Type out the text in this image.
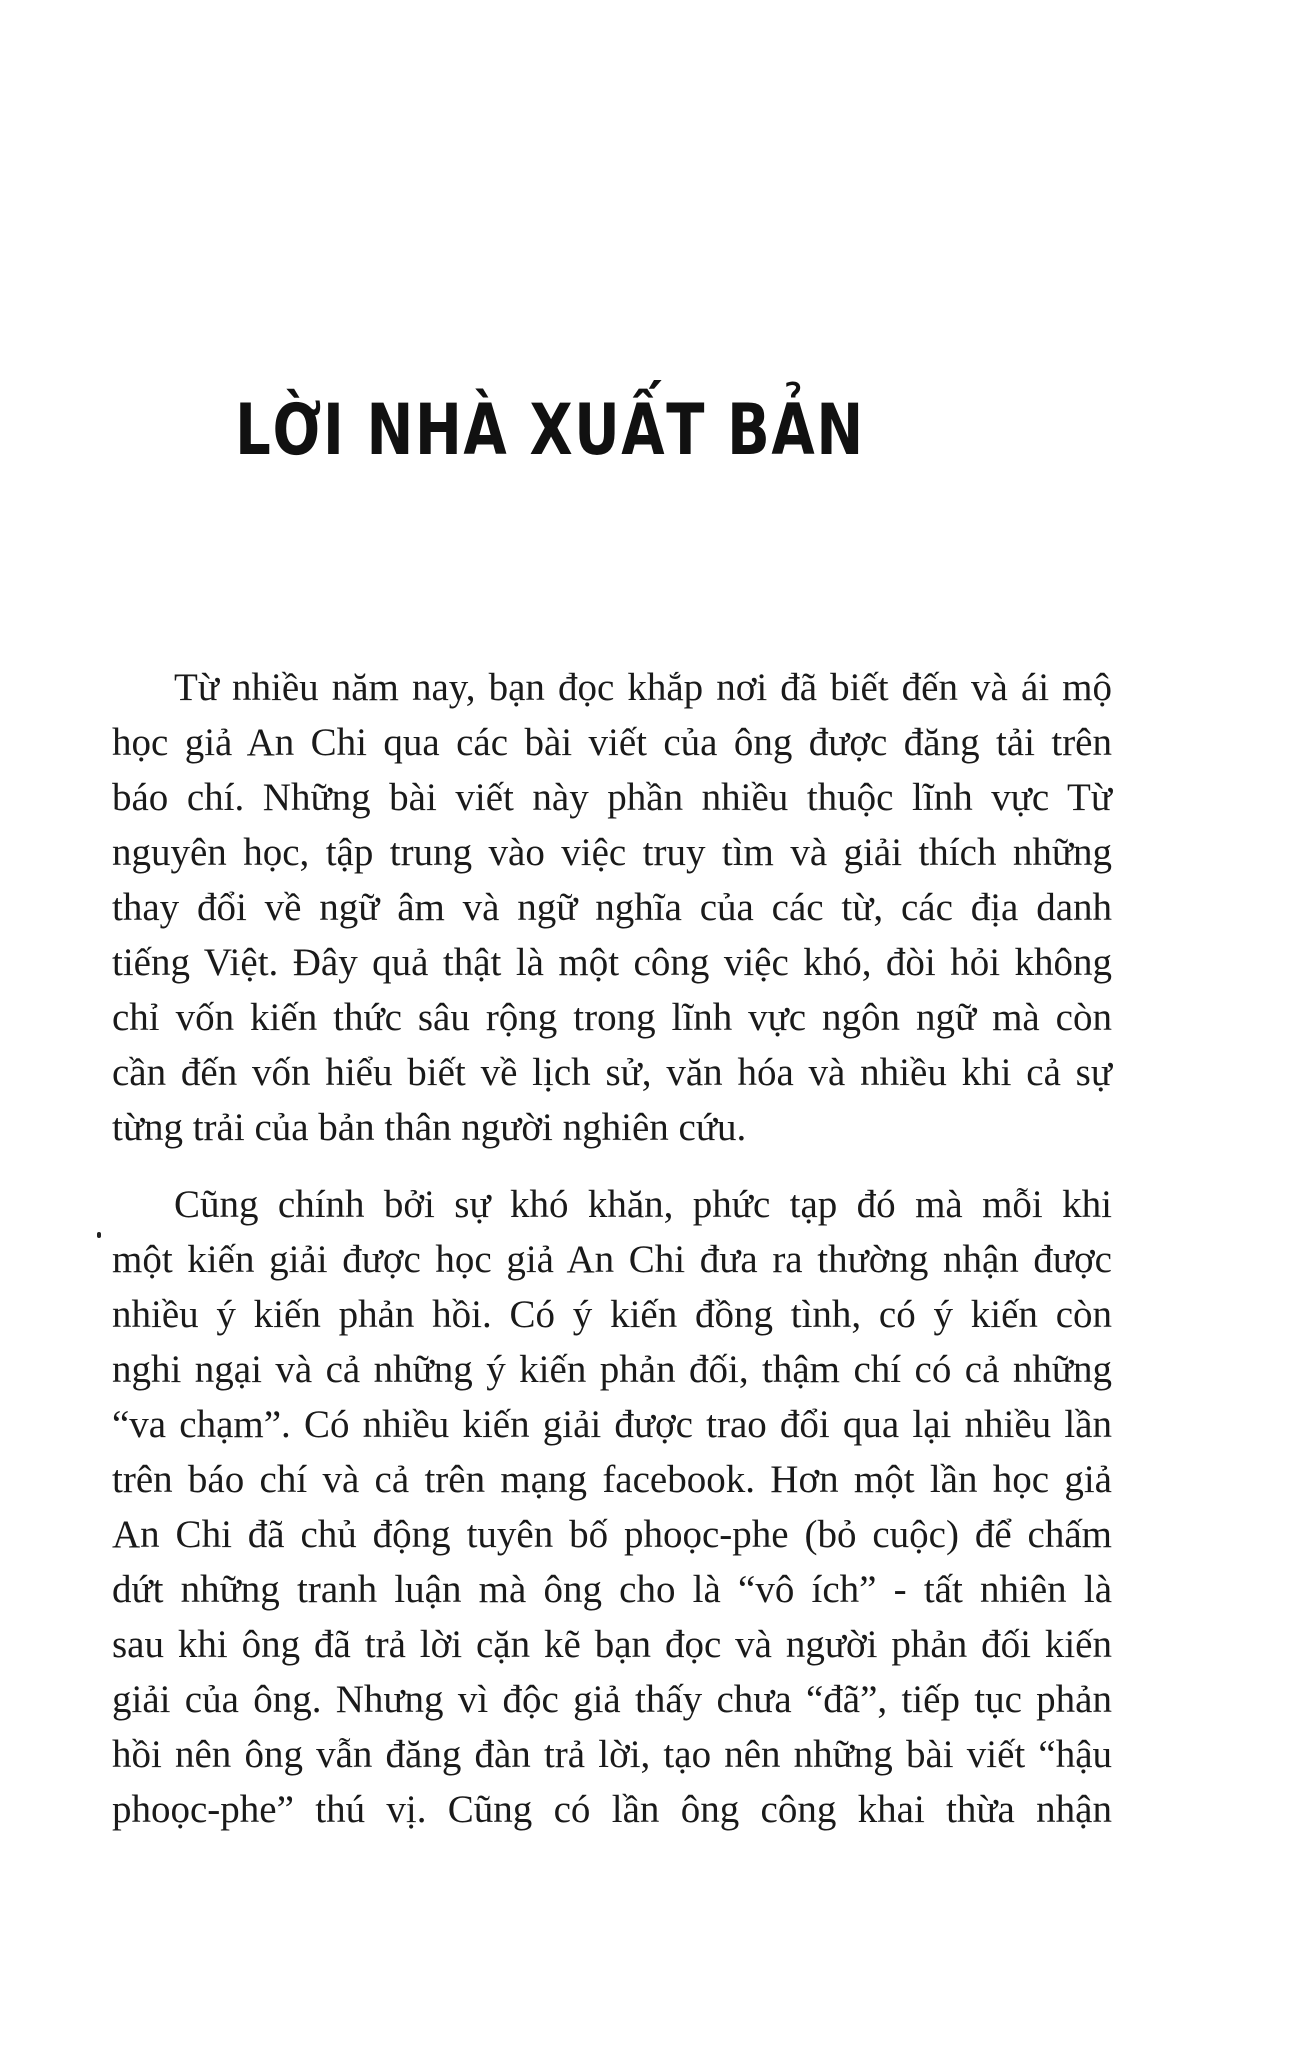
LỜI NHÀ XUẤT BẢN
Từ nhiều năm nay, bạn đọc khắp nơi đã biết đến và ái mộ
học giả An Chi qua các bài viết của ông được đăng tải trên
báo chí. Những bài viết này phần nhiều thuộc lĩnh vực Từ
nguyên học, tập trung vào việc truy tìm và giải thích những
thay đổi về ngữ âm và ngữ nghĩa của các từ, các địa danh
tiếng Việt. Đây quả thật là một công việc khó, đòi hỏi không
chỉ vốn kiến thức sâu rộng trong lĩnh vực ngôn ngữ mà còn
cần đến vốn hiểu biết về lịch sử, văn hóa và nhiều khi cả sự
từng trải của bản thân người nghiên cứu.
Cũng chính bởi sự khó khăn, phức tạp đó mà mỗi khi
một kiến giải được học giả An Chi đưa ra thường nhận được
nhiều ý kiến phản hồi. Có ý kiến đồng tình, có ý kiến còn
nghi ngại và cả những ý kiến phản đối, thậm chí có cả những
“va chạm”. Có nhiều kiến giải được trao đổi qua lại nhiều lần
trên báo chí và cả trên mạng facebook. Hơn một lần học giả
An Chi đã chủ động tuyên bố phoọc-phe (bỏ cuộc) để chấm
dứt những tranh luận mà ông cho là “vô ích” - tất nhiên là
sau khi ông đã trả lời cặn kẽ bạn đọc và người phản đối kiến
giải của ông. Nhưng vì độc giả thấy chưa “đã”, tiếp tục phản
hồi nên ông vẫn đăng đàn trả lời, tạo nên những bài viết “hậu
phoọc-phe” thú vị. Cũng có lần ông công khai thừa nhận
